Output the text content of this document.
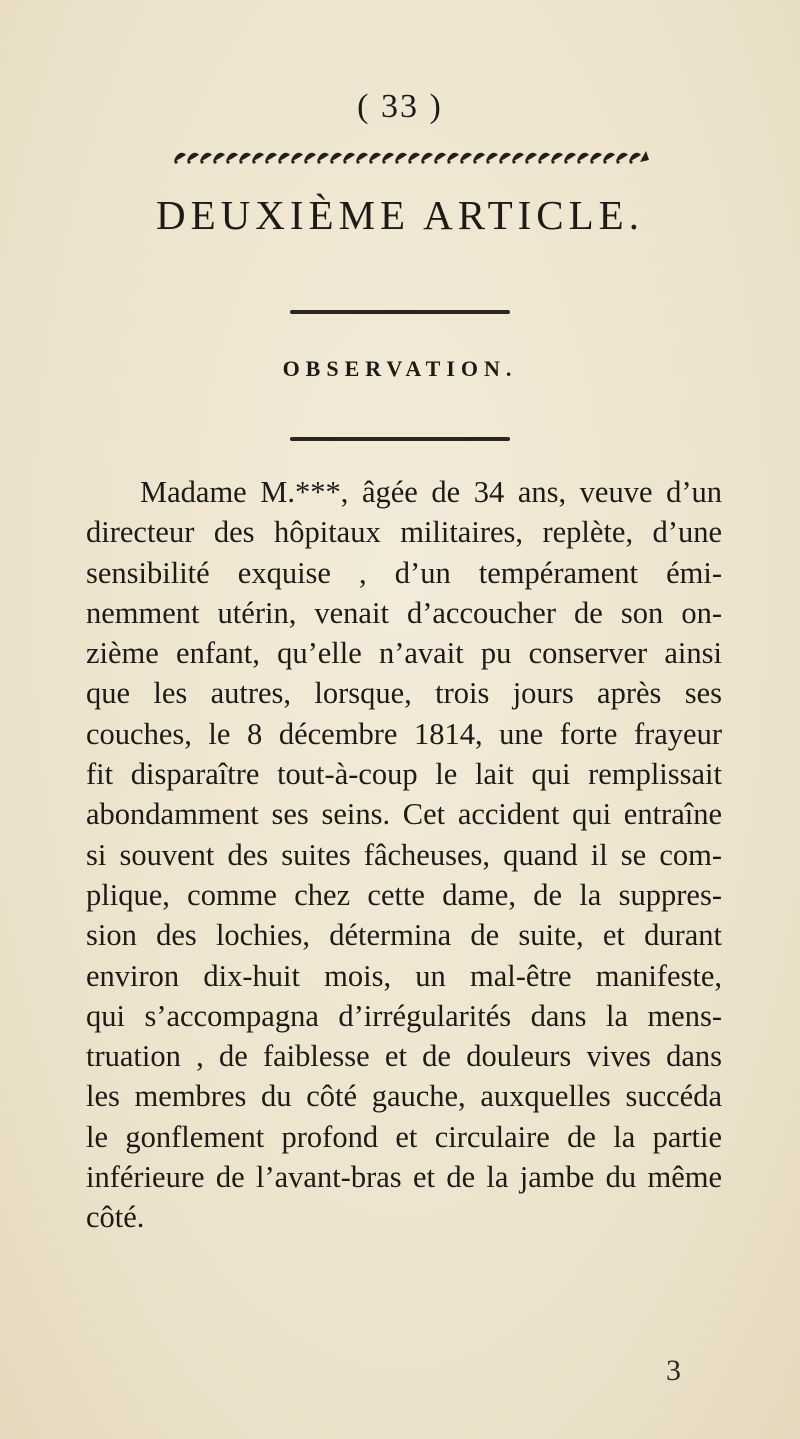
( 33 )
DEUXIÈME ARTICLE.
OBSERVATION.
Madame M.***, âgée de 34 ans, veuve d’un
directeur des hôpitaux militaires, replète, d’une
sensibilité exquise , d’un tempérament émi-
nemment utérin, venait d’accoucher de son on-
zième enfant, qu’elle n’avait pu conserver ainsi
que les autres, lorsque, trois jours après ses
couches, le 8 décembre 1814, une forte frayeur
fit disparaître tout-à-coup le lait qui remplissait
abondamment ses seins. Cet accident qui entraîne
si souvent des suites fâcheuses, quand il se com-
plique, comme chez cette dame, de la suppres-
sion des lochies, détermina de suite, et durant
environ dix-huit mois, un mal-être manifeste,
qui s’accompagna d’irrégularités dans la mens-
truation , de faiblesse et de douleurs vives dans
les membres du côté gauche, auxquelles succéda
le gonflement profond et circulaire de la partie
inférieure de l’avant-bras et de la jambe du même
côté.
3
